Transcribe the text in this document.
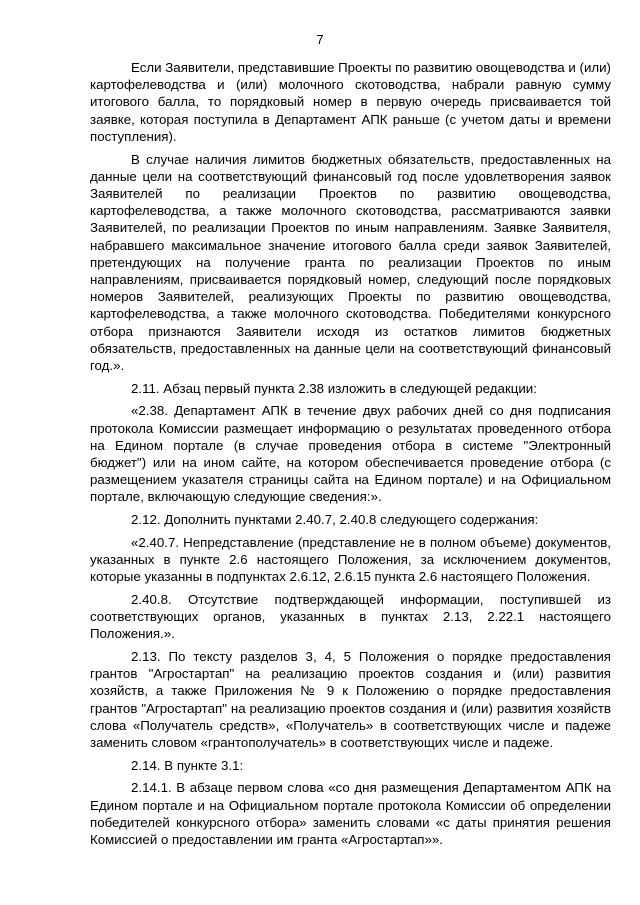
7

Если Заявители, представившие Проекты по развитию овощеводства и (или) картофелеводства и (или) молочного скотоводства, набрали равную сумму итогового балла, то порядковый номер в первую очередь присваивается той заявке, которая поступила в Департамент АПК раньше (с учетом даты и времени поступления).

В случае наличия лимитов бюджетных обязательств, предоставленных на данные цели на соответствующий финансовый год после удовлетворения заявок Заявителей по реализации Проектов по развитию овощеводства, картофелеводства, а также молочного скотоводства, рассматриваются заявки Заявителей, по реализации Проектов по иным направлениям. Заявке Заявителя, набравшего максимальное значение итогового балла среди заявок Заявителей, претендующих на получение гранта по реализации Проектов по иным направлениям, присваивается порядковый номер, следующий после порядковых номеров Заявителей, реализующих Проекты по развитию овощеводства, картофелеводства, а также молочного скотоводства. Победителями конкурсного отбора признаются Заявители исходя из остатков лимитов бюджетных обязательств, предоставленных на данные цели на соответствующий финансовый год.».

2.11. Абзац первый пункта 2.38 изложить в следующей редакции:

«2.38. Департамент АПК в течение двух рабочих дней со дня подписания протокола Комиссии размещает информацию о результатах проведенного отбора на Едином портале (в случае проведения отбора в системе "Электронный бюджет") или на ином сайте, на котором обеспечивается проведение отбора (с размещением указателя страницы сайта на Едином портале) и на Официальном портале, включающую следующие сведения:».

2.12. Дополнить пунктами 2.40.7, 2.40.8 следующего содержания:

«2.40.7. Непредставление (представление не в полном объеме) документов, указанных в пункте 2.6 настоящего Положения, за исключением документов, которые указанны в подпунктах 2.6.12, 2.6.15 пункта 2.6 настоящего Положения.

2.40.8. Отсутствие подтверждающей информации, поступившей из соответствующих органов, указанных в пунктах 2.13, 2.22.1 настоящего Положения.».

2.13. По тексту разделов 3, 4, 5 Положения о порядке предоставления грантов "Агростартап" на реализацию проектов создания и (или) развития хозяйств, а также Приложения № 9 к Положению о порядке предоставления грантов "Агростартап" на реализацию проектов создания и (или) развития хозяйств слова «Получатель средств», «Получатель» в соответствующих числе и падеже заменить словом «грантополучатель» в соответствующих числе и падеже.

2.14. В пункте 3.1:

2.14.1. В абзаце первом слова «со дня размещения Департаментом АПК на Едином портале и на Официальном портале протокола Комиссии об определении победителей конкурсного отбора» заменить словами «с даты принятия решения Комиссией о предоставлении им гранта «Агростартап»».
